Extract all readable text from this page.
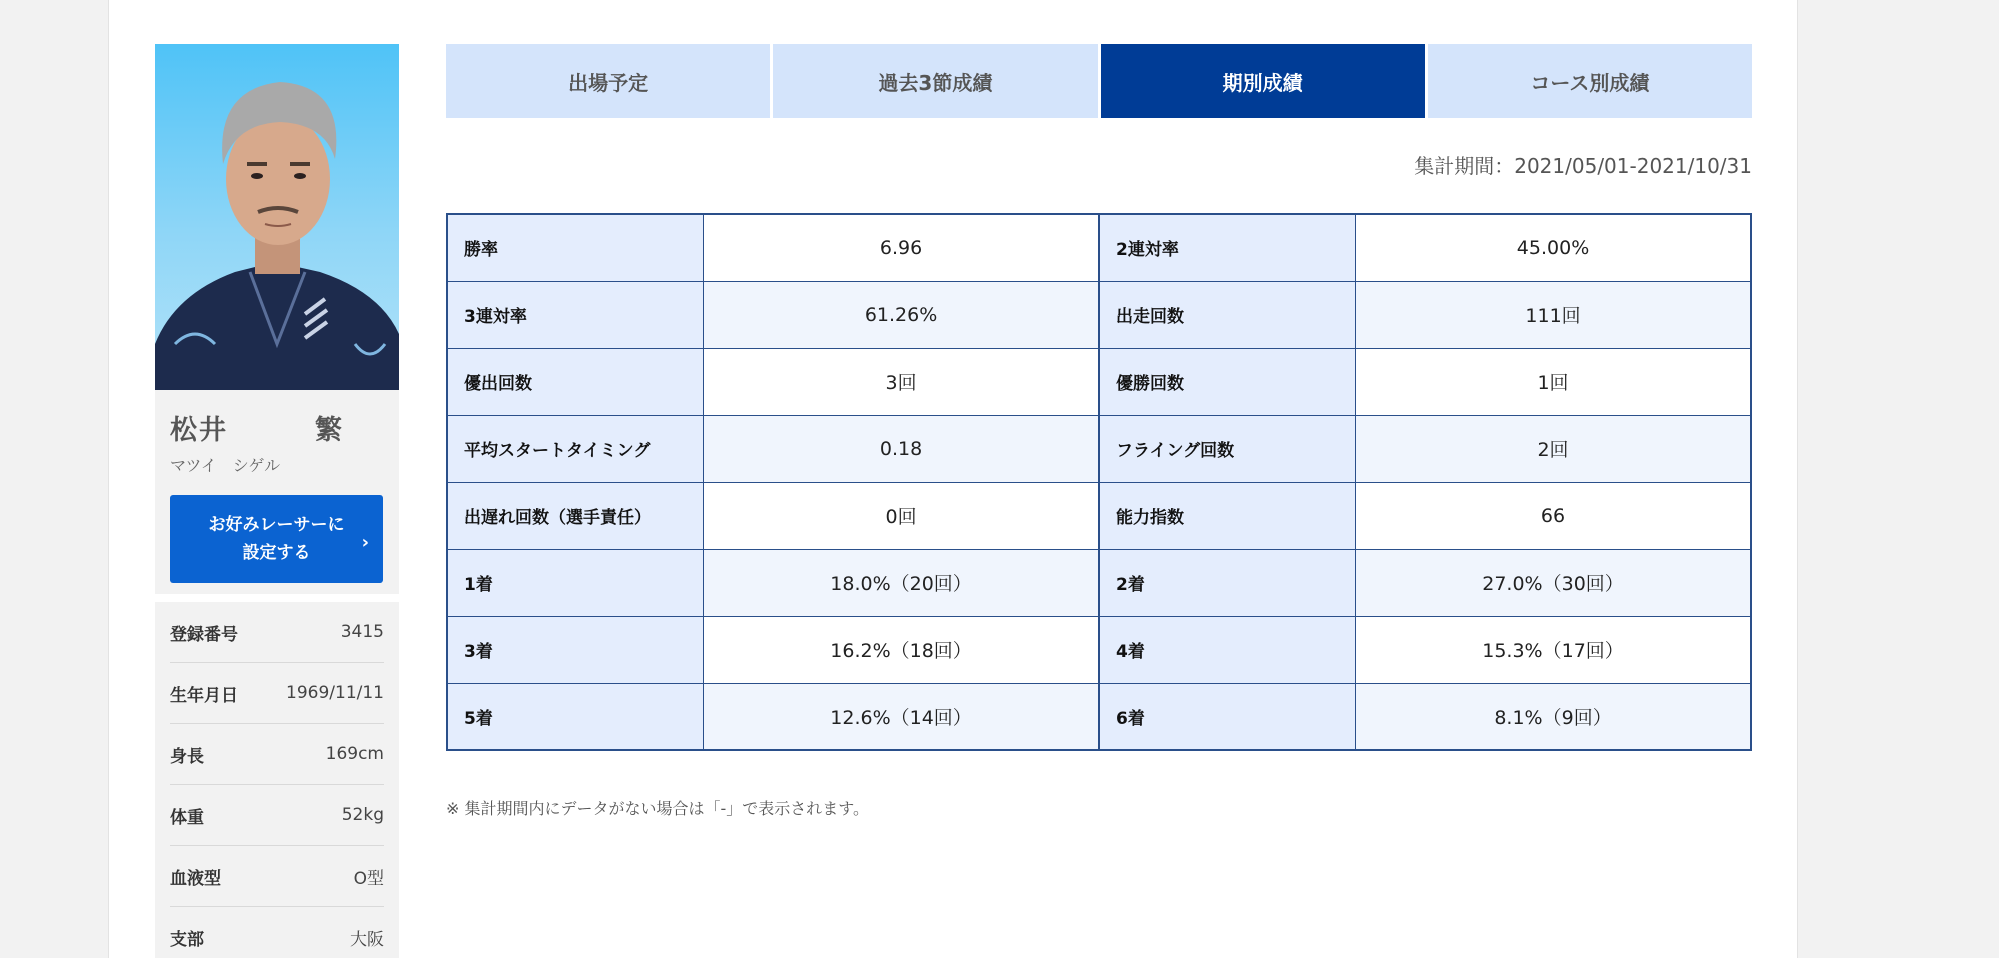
松井	繁
マツイ　シゲル
お好みレーサーに
設定する	›
登録番号	3415
生年月日	1969/11/11
身長	169cm
体重	52kg
血液型	O型
支部	大阪
出場予定	過去3節成績	期別成績	コース別成績
集計期間：2021/05/01-2021/10/31
勝率	6.96	2連対率	45.00%
3連対率	61.26%	出走回数	111回
優出回数	3回	優勝回数	1回
平均スタートタイミング	0.18	フライング回数	2回
出遅れ回数（選手責任）	0回	能力指数	66
1着	18.0%（20回）	2着	27.0%（30回）
3着	16.2%（18回）	4着	15.3%（17回）
5着	12.6%（14回）	6着	8.1%（9回）
※ 集計期間内にデータがない場合は「-」で表示されます。
